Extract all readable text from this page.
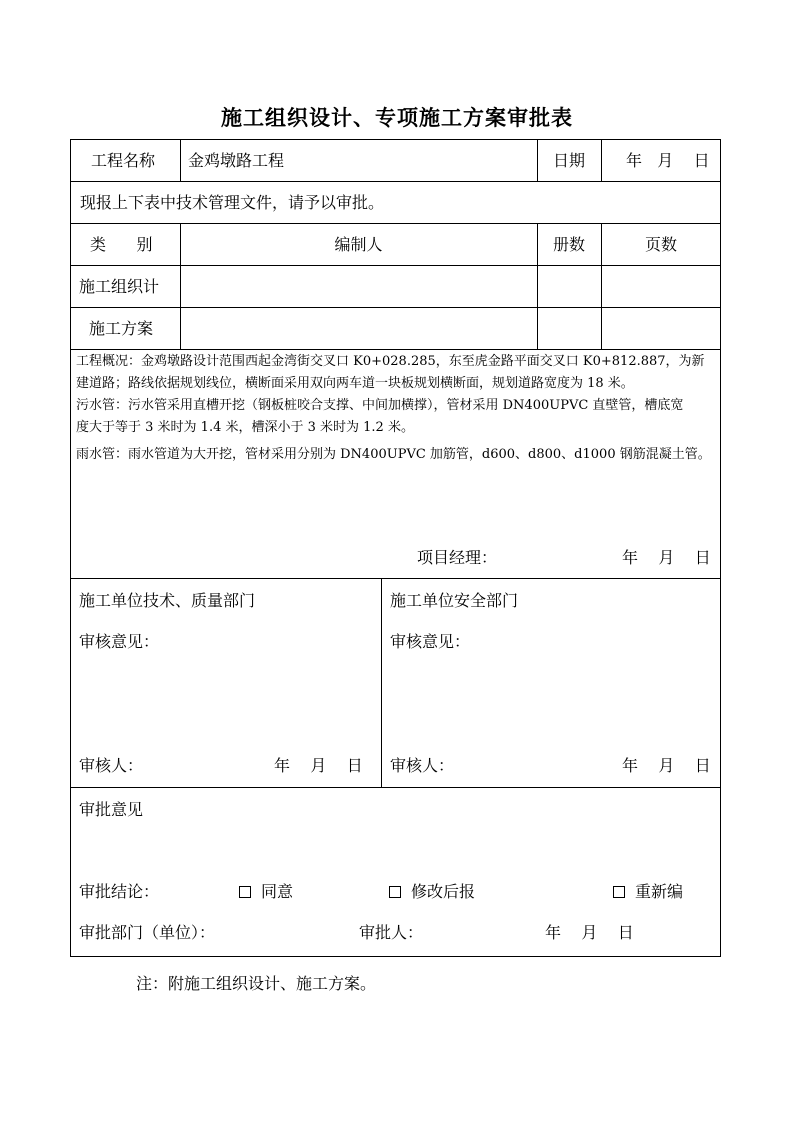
施工组织设计、专项施工方案审批表
工程名称 金鸡墩路工程	日期	年   月    日
现报上下表中技术管理文件，请予以审批。
类      别	编制人	册数	页数
施工组织计
施工方案
工程概况：金鸡墩路设计范围西起金湾街交叉口 K0+028.285，东至虎金路平面交叉口 K0+812.887，为新
建道路；路线依据规划线位，横断面采用双向两车道一块板规划横断面，规划道路宽度为 18 米。
污水管：污水管采用直槽开挖（钢板桩咬合支撑、中间加横撑），管材采用 DN400UPVC 直壁管，槽底宽
度大于等于 3 米时为 1.4 米，槽深小于 3 米时为 1.2 米。
雨水管：雨水管道为大开挖，管材采用分别为 DN400UPVC 加筋管，d600、d800、d1000 钢筋混凝土管。
项目经理：	年    月    日
施工单位技术、质量部门
审核意见：
审核人：	年    月    日
施工单位安全部门
审核意见：
审核人：	年    月    日
审批意见
审批结论：	同意	修改后报	重新编
审批部门（单位）：	审批人：	年    月    日
注：附施工组织设计、施工方案。
